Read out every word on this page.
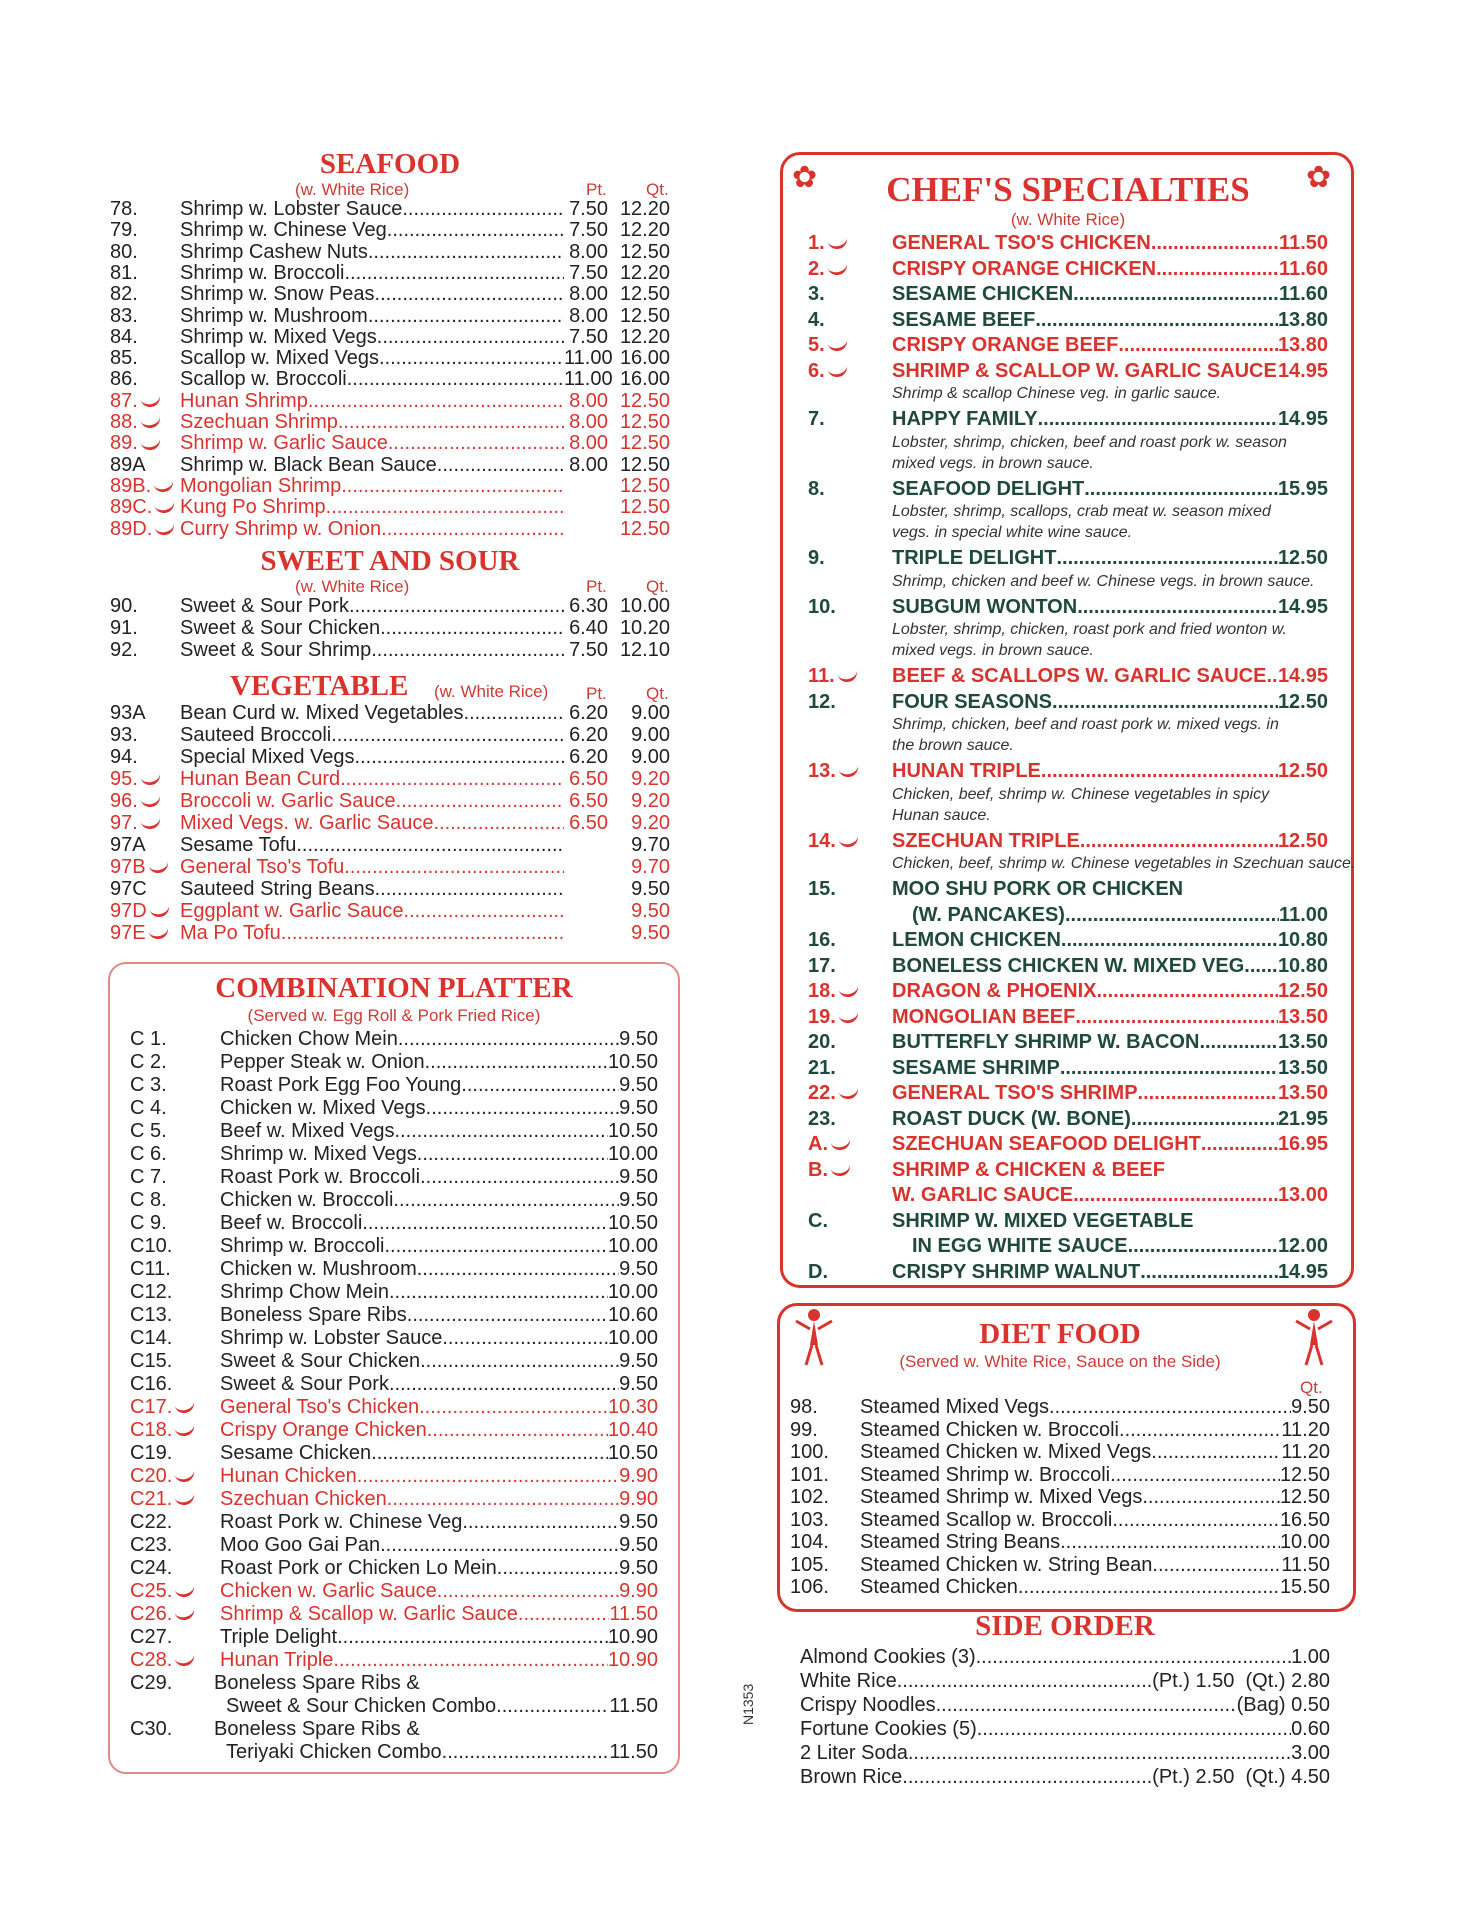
SEAFOOD
(w. White Rice)	Pt. Qt.
78.	Shrimp w. Lobster Sauce .....	7.50 12.20
79.	Shrimp w. Chinese Veg. .....	7.50 12.20
80.	Shrimp Cashew Nuts .....	8.00 12.50
81.	Shrimp w. Broccoli .....	7.50 12.20
82.	Shrimp w. Snow Peas .....	8.00 12.50
83.	Shrimp w. Mushroom .....	8.00 12.50
84.	Shrimp w. Mixed Vegs. .....	7.50 12.20
85.	Scallop w. Mixed Vegs. .....	11.00 16.00
86.	Scallop w. Broccoli .....	11.00 16.00
87.	Hunan Shrimp .....	8.00 12.50
88.	Szechuan Shrimp .....	8.00 12.50
89.	Shrimp w. Garlic Sauce .....	8.00 12.50
89A	Shrimp w. Black Bean Sauce .....	8.00 12.50
89B.	Mongolian Shrimp .....	12.50
89C.	Kung Po Shrimp .....	12.50
89D.	Curry Shrimp w. Onion .....	12.50
SWEET AND SOUR
(w. White Rice)	Pt. Qt.
90.	Sweet & Sour Pork .....	6.30 10.00
91.	Sweet & Sour Chicken .....	6.40 10.20
92.	Sweet & Sour Shrimp .....	7.50 12.10
VEGETABLE (w. White Rice) Pt. Qt.
93A	Bean Curd w. Mixed Vegetables .....	6.20	9.00
93.	Sauteed Broccoli .....	6.20	9.00
94.	Special Mixed Vegs. .....	6.20	9.00
95.	Hunan Bean Curd .....	6.50	9.20
96.	Broccoli w. Garlic Sauce .....	6.50	9.20
97.	Mixed Vegs. w. Garlic Sauce .....	6.50	9.20
97A	Sesame Tofu .....	9.70
97B	General Tso's Tofu .....	9.70
97C	Sauteed String Beans .....	9.50
97D	Eggplant w. Garlic Sauce .....	9.50
97E	Ma Po Tofu .....	9.50
COMBINATION PLATTER
(Served w. Egg Roll & Pork Fried Rice)
C 1.	Chicken Chow Mein .....	9.50
C 2.	Pepper Steak w. Onion .....	10.50
C 3.	Roast Pork Egg Foo Young .....	9.50
C 4.	Chicken w. Mixed Vegs. .....	9.50
C 5.	Beef w. Mixed Vegs. .....	10.50
C 6.	Shrimp w. Mixed Vegs. .....	10.00
C 7.	Roast Pork w. Broccoli .....	9.50
C 8.	Chicken w. Broccoli .....	9.50
C 9.	Beef w. Broccoli .....	10.50
C10.	Shrimp w. Broccoli .....	10.00
C11.	Chicken w. Mushroom .....	9.50
C12.	Shrimp Chow Mein .....	10.00
C13.	Boneless Spare Ribs .....	10.60
C14.	Shrimp w. Lobster Sauce .....	10.00
C15.	Sweet & Sour Chicken .....	9.50
C16.	Sweet & Sour Pork .....	9.50
C17.	General Tso's Chicken .....	10.30
C18.	Crispy Orange Chicken .....	10.40
C19.	Sesame Chicken .....	10.50
C20.	Hunan Chicken .....	9.90
C21.	Szechuan Chicken .....	9.90
C22.	Roast Pork w. Chinese Veg. .....	9.50
C23.	Moo Goo Gai Pan .....	9.50
C24.	Roast Pork or Chicken Lo Mein .....	9.50
C25.	Chicken w. Garlic Sauce .....	9.90
C26.	Shrimp & Scallop w. Garlic Sauce .....	11.50
C27.	Triple Delight .....	10.90
C28.	Hunan Triple .....	10.90
C29.	Boneless Spare Ribs &
Sweet & Sour Chicken Combo .....	11.50
C30.	Boneless Spare Ribs &
Teriyaki Chicken Combo .....	11.50
✿	✿
CHEF'S SPECIALTIES
(w. White Rice)
1.	GENERAL TSO'S CHICKEN .....	11.50
2.	CRISPY ORANGE CHICKEN .....	11.60
3.	SESAME CHICKEN .....	11.60
4.	SESAME BEEF .....	13.80
5.	CRISPY ORANGE BEEF .....	13.80
6.	SHRIMP & SCALLOP W. GARLIC SAUCE ..... 14.95
Shrimp & scallop Chinese veg. in garlic sauce.
7.	HAPPY FAMILY .....	14.95
Lobster, shrimp, chicken, beef and roast pork w. season
mixed vegs. in brown sauce.
8.	SEAFOOD DELIGHT .....	15.95
Lobster, shrimp, scallops, crab meat w. season mixed
vegs. in special white wine sauce.
9.	TRIPLE DELIGHT .....	12.50
Shrimp, chicken and beef w. Chinese vegs. in brown sauce.
10.	SUBGUM WONTON .....	14.95
Lobster, shrimp, chicken, roast pork and fried wonton w.
mixed vegs. in brown sauce.
11.	BEEF & SCALLOPS W. GARLIC SAUCE ..... 14.95
12.	FOUR SEASONS .....	12.50
Shrimp, chicken, beef and roast pork w. mixed vegs. in
the brown sauce.
13.	HUNAN TRIPLE .....	12.50
Chicken, beef, shrimp w. Chinese vegetables in spicy
Hunan sauce.
14.	SZECHUAN TRIPLE .....	12.50
Chicken, beef, shrimp w. Chinese vegetables in Szechuan sauce.
15.	MOO SHU PORK OR CHICKEN
(W. PANCAKES) .....	11.00
16.	LEMON CHICKEN .....	10.80
17.	BONELESS CHICKEN W. MIXED VEG ..... 10.80
18.	DRAGON & PHOENIX .....	12.50
19.	MONGOLIAN BEEF .....	13.50
20.	BUTTERFLY SHRIMP W. BACON .....	13.50
21.	SESAME SHRIMP .....	13.50
22.	GENERAL TSO'S SHRIMP .....	13.50
23.	ROAST DUCK (W. BONE) .....	21.95
A.	SZECHUAN SEAFOOD DELIGHT .....	16.95
B.	SHRIMP & CHICKEN & BEEF
W. GARLIC SAUCE .....	13.00
C.	SHRIMP W. MIXED VEGETABLE
IN EGG WHITE SAUCE .....	12.00
D.	CRISPY SHRIMP WALNUT .....	14.95
DIET FOOD
(Served w. White Rice, Sauce on the Side)
Qt.
98.	Steamed Mixed Vegs. .....	9.50
99.	Steamed Chicken w. Broccoli .....	11.20
100.	Steamed Chicken w. Mixed Vegs. .....	11.20
101.	Steamed Shrimp w. Broccoli .....	12.50
102.	Steamed Shrimp w. Mixed Vegs. .....	12.50
103.	Steamed Scallop w. Broccoli .....	16.50
104.	Steamed String Beans .....	10.00
105.	Steamed Chicken w. String Bean .....	11.50
106.	Steamed Chicken .....	15.50
SIDE ORDER
Almond Cookies (3) .....	1.00
White Rice .....	(Pt.) 1.50  (Qt.) 2.80
Crispy Noodles .....	(Bag) 0.50
Fortune Cookies (5) .....	0.60
2 Liter Soda .....	3.00
Brown Rice .....	(Pt.) 2.50  (Qt.) 4.50
N1353
